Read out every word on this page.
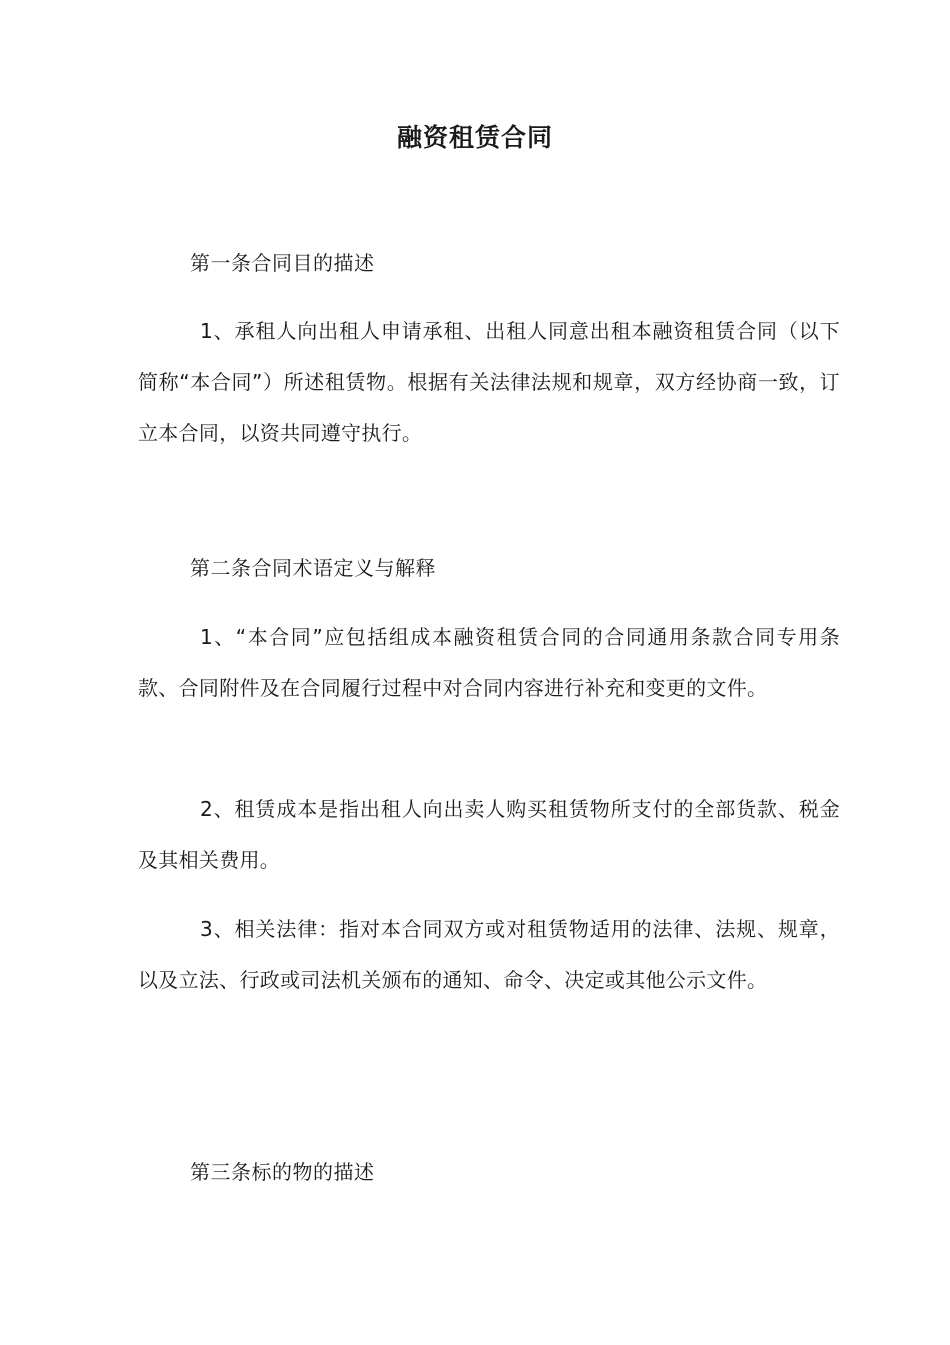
融资租赁合同
第一条合同目的描述
1、承租人向出租人申请承租、出租人同意出租本融资租赁合同（以下简称“本合同”）所述租赁物。根据有关法律法规和规章，双方经协商一致，订立本合同，以资共同遵守执行。
第二条合同术语定义与解释
1、“本合同”应包括组成本融资租赁合同的合同通用条款合同专用条款、合同附件及在合同履行过程中对合同内容进行补充和变更的文件。
2、租赁成本是指出租人向出卖人购买租赁物所支付的全部货款、税金及其相关费用。
3、相关法律：指对本合同双方或对租赁物适用的法律、法规、规章，以及立法、行政或司法机关颁布的通知、命令、决定或其他公示文件。
第三条标的物的描述
